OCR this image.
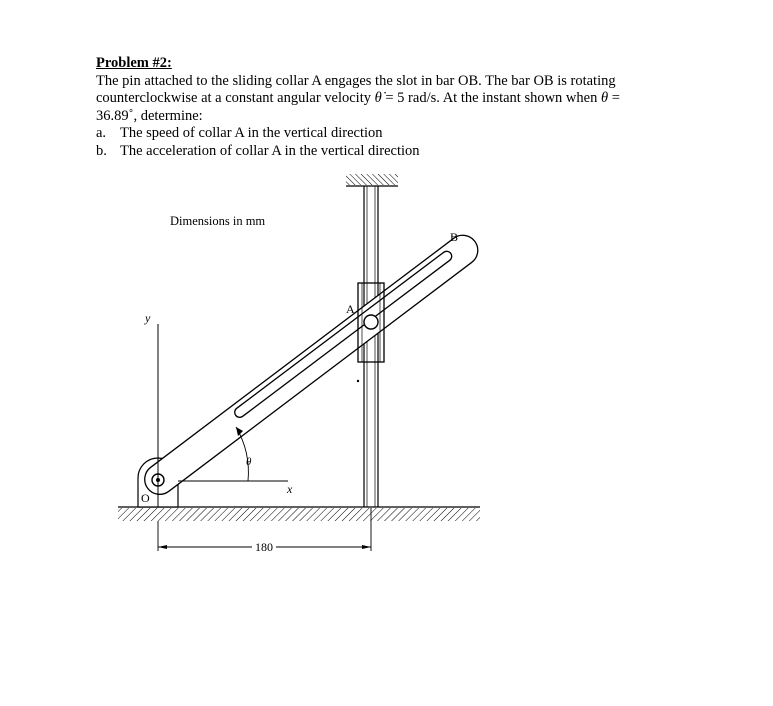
Problem #2:

The pin attached to the sliding collar A engages the slot in bar OB. The bar OB is rotating counterclockwise at a constant angular velocity θ̇ = 5 rad/s. At the instant shown when θ = 36.89˚, determine:

a. The speed of collar A in the vertical direction
b. The acceleration of collar A in the vertical direction
Dimensions in mm
B
A
O
y
x
θ
180
